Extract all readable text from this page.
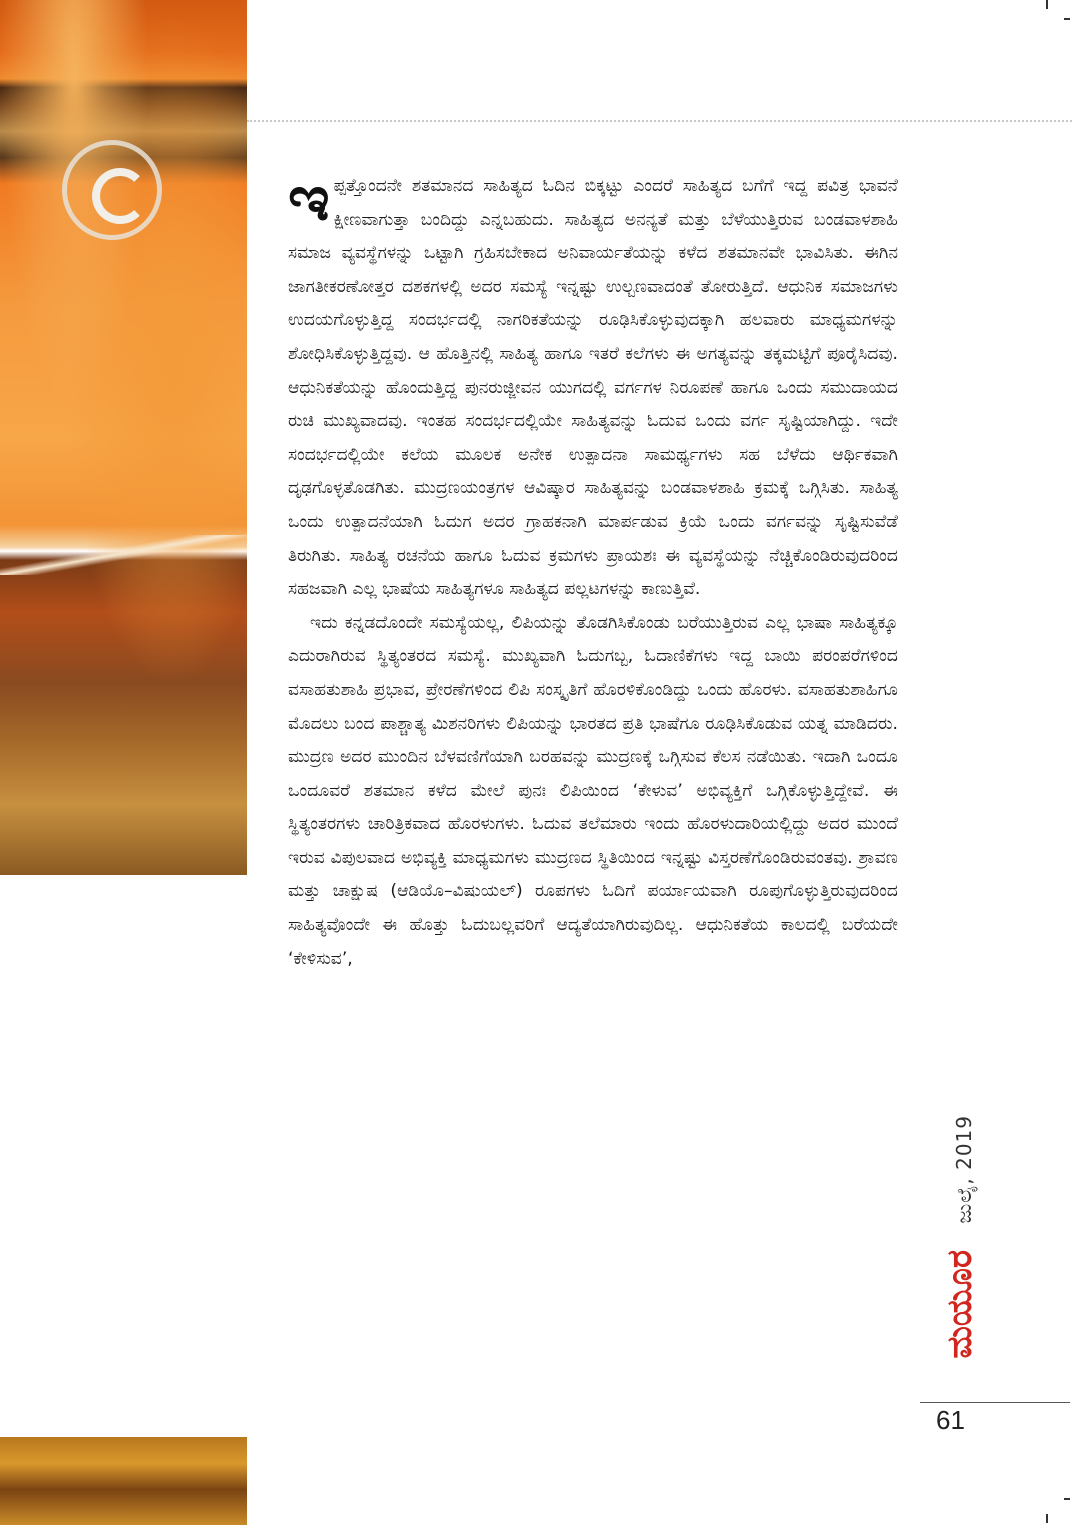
ಇಪ್ಪತ್ತೊಂದನೇ ಶತಮಾನದ ಸಾಹಿತ್ಯದ ಓದಿನ ಬಿಕ್ಕಟ್ಟು ಎಂದರೆ ಸಾಹಿತ್ಯದ ಬಗೆಗೆ ಇದ್ದ ಪವಿತ್ರ ಭಾವನೆ ಕ್ಷೀಣವಾಗುತ್ತಾ ಬಂದಿದ್ದು ಎನ್ನಬಹುದು. ಸಾಹಿತ್ಯದ ಅನನ್ಯತೆ ಮತ್ತು ಬೆಳೆಯುತ್ತಿರುವ ಬಂಡವಾಳಶಾಹಿ ಸಮಾಜ ವ್ಯವಸ್ಥೆಗಳನ್ನು ಒಟ್ಟಾಗಿ ಗ್ರಹಿಸಬೇಕಾದ ಅನಿವಾರ್ಯತೆಯನ್ನು ಕಳೆದ ಶತಮಾನವೇ ಭಾವಿಸಿತು. ಈಗಿನ ಜಾಗತೀಕರಣೋತ್ತರ ದಶಕಗಳಲ್ಲಿ ಅದರ ಸಮಸ್ಯೆ ಇನ್ನಷ್ಟು ಉಲ್ಬಣವಾದಂತೆ ತೋರುತ್ತಿದೆ. ಆಧುನಿಕ ಸಮಾಜಗಳು ಉದಯಗೊಳ್ಳುತ್ತಿದ್ದ ಸಂದರ್ಭದಲ್ಲಿ ನಾಗರಿಕತೆಯನ್ನು ರೂಢಿಸಿಕೊಳ್ಳುವುದಕ್ಕಾಗಿ ಹಲವಾರು ಮಾಧ್ಯಮಗಳನ್ನು ಶೋಧಿಸಿಕೊಳ್ಳುತ್ತಿದ್ದವು. ಆ ಹೊತ್ತಿನಲ್ಲಿ ಸಾಹಿತ್ಯ ಹಾಗೂ ಇತರೆ ಕಲೆಗಳು ಈ ಅಗತ್ಯವನ್ನು ತಕ್ಕಮಟ್ಟಿಗೆ ಪೂರೈಸಿದವು. ಆಧುನಿಕತೆಯನ್ನು ಹೊಂದುತ್ತಿದ್ದ ಪುನರುಜ್ಜೀವನ ಯುಗದಲ್ಲಿ ವರ್ಗಗಳ ನಿರೂಪಣೆ ಹಾಗೂ ಒಂದು ಸಮುದಾಯದ ರುಚಿ ಮುಖ್ಯವಾದವು. ಇಂತಹ ಸಂದರ್ಭದಲ್ಲಿಯೇ ಸಾಹಿತ್ಯವನ್ನು ಓದುವ ಒಂದು ವರ್ಗ ಸೃಷ್ಟಿಯಾಗಿದ್ದು. ಇದೇ ಸಂದರ್ಭದಲ್ಲಿಯೇ ಕಲೆಯ ಮೂಲಕ ಅನೇಕ ಉತ್ಪಾದನಾ ಸಾಮರ್ಥ್ಯಗಳು ಸಹ ಬೆಳೆದು ಆರ್ಥಿಕವಾಗಿ ದೃಢಗೊಳ್ಳತೊಡಗಿತು. ಮುದ್ರಣಯಂತ್ರಗಳ ಆವಿಷ್ಕಾರ ಸಾಹಿತ್ಯವನ್ನು ಬಂಡವಾಳಶಾಹಿ ಕ್ರಮಕ್ಕೆ ಒಗ್ಗಿಸಿತು. ಸಾಹಿತ್ಯ ಒಂದು ಉತ್ಪಾದನೆಯಾಗಿ ಓದುಗ ಅದರ ಗ್ರಾಹಕನಾಗಿ ಮಾರ್ಪಡುವ ಕ್ರಿಯೆ ಒಂದು ವರ್ಗವನ್ನು ಸೃಷ್ಟಿಸುವೆಡೆ ತಿರುಗಿತು. ಸಾಹಿತ್ಯ ರಚನೆಯ ಹಾಗೂ ಓದುವ ಕ್ರಮಗಳು ಪ್ರಾಯಶಃ ಈ ವ್ಯವಸ್ಥೆಯನ್ನು ನೆಚ್ಚಿಕೊಂಡಿರುವುದರಿಂದ ಸಹಜವಾಗಿ ಎಲ್ಲ ಭಾಷೆಯ ಸಾಹಿತ್ಯಗಳೂ ಸಾಹಿತ್ಯದ ಪಲ್ಲಟಗಳನ್ನು ಕಾಣುತ್ತಿವೆ.

ಇದು ಕನ್ನಡದೊಂದೇ ಸಮಸ್ಯೆಯಲ್ಲ, ಲಿಪಿಯನ್ನು ತೊಡಗಿಸಿಕೊಂಡು ಬರೆಯುತ್ತಿರುವ ಎಲ್ಲ ಭಾಷಾ ಸಾಹಿತ್ಯಕ್ಕೂ ಎದುರಾಗಿರುವ ಸ್ಥಿತ್ಯಂತರದ ಸಮಸ್ಯೆ. ಮುಖ್ಯವಾಗಿ ಓದುಗಬ್ಬ, ಓದಾಣಿಕೆಗಳು ಇದ್ದ ಬಾಯಿ ಪರಂಪರೆಗಳಿಂದ ವಸಾಹತುಶಾಹಿ ಪ್ರಭಾವ, ಪ್ರೇರಣೆಗಳಿಂದ ಲಿಪಿ ಸಂಸ್ಕೃತಿಗೆ ಹೊರಳಿಕೊಂಡಿದ್ದು ಒಂದು ಹೊರಳು. ವಸಾಹತುಶಾಹಿಗೂ ಮೊದಲು ಬಂದ ಪಾಶ್ಚಾತ್ಯ ಮಿಶನರಿಗಳು ಲಿಪಿಯನ್ನು ಭಾರತದ ಪ್ರತಿ ಭಾಷೆಗೂ ರೂಢಿಸಿಕೊಡುವ ಯತ್ನ ಮಾಡಿದರು. ಮುದ್ರಣ ಅದರ ಮುಂದಿನ ಬೆಳವಣಿಗೆಯಾಗಿ ಬರಹವನ್ನು ಮುದ್ರಣಕ್ಕೆ ಒಗ್ಗಿಸುವ ಕೆಲಸ ನಡೆಯಿತು. ಇದಾಗಿ ಒಂದೂ ಒಂದೂವರೆ ಶತಮಾನ ಕಳೆದ ಮೇಲೆ ಪುನಃ ಲಿಪಿಯಿಂದ ‘ಕೇಳುವ’ ಅಭಿವ್ಯಕ್ತಿಗೆ ಒಗ್ಗಿಕೊಳ್ಳುತ್ತಿದ್ದೇವೆ. ಈ ಸ್ಥಿತ್ಯಂತರಗಳು ಚಾರಿತ್ರಿಕವಾದ ಹೊರಳುಗಳು. ಓದುವ ತಲೆಮಾರು ಇಂದು ಹೊರಳುದಾರಿಯಲ್ಲಿದ್ದು ಅದರ ಮುಂದೆ ಇರುವ ವಿಪುಲವಾದ ಅಭಿವ್ಯಕ್ತಿ ಮಾಧ್ಯಮಗಳು ಮುದ್ರಣದ ಸ್ಥಿತಿಯಿಂದ ಇನ್ನಷ್ಟು ವಿಸ್ತರಣೆಗೊಂಡಿರುವಂತವು. ಶ್ರಾವಣ ಮತ್ತು ಚಾಕ್ಷುಷ (ಆಡಿಯೊ–ವಿಷುಯಲ್) ರೂಪಗಳು ಓದಿಗೆ ಪರ್ಯಾಯವಾಗಿ ರೂಪುಗೊಳ್ಳುತ್ತಿರುವುದರಿಂದ ಸಾಹಿತ್ಯವೊಂದೇ ಈ ಹೊತ್ತು ಓದುಬಲ್ಲವರಿಗೆ ಆದ್ಯತೆಯಾಗಿರುವುದಿಲ್ಲ. ಆಧುನಿಕತೆಯ ಕಾಲದಲ್ಲಿ ಬರೆಯದೇ ‘ಕೇಳಿಸುವ’,

ಜುಲೈ, 2019
ಮಯೂರ
61
